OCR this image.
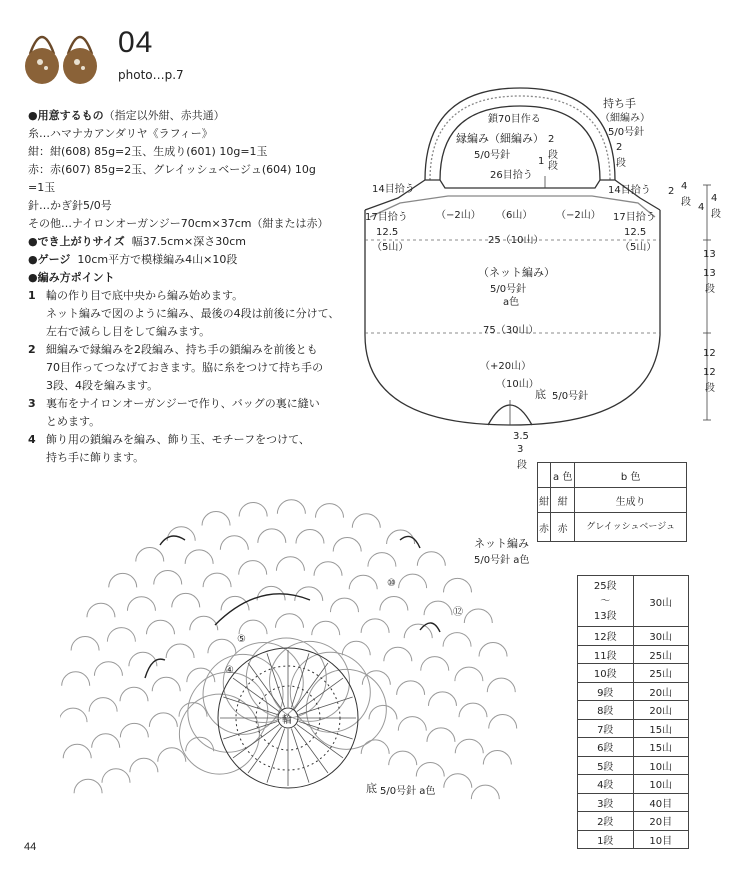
04
photo…p.7
●用意するもの（指定以外紺、赤共通）
糸…ハマナカアンダリヤ《ラフィー》
紺：紺(608) 85g=2玉、生成り(601) 10g=1玉
赤：赤(607) 85g=2玉、グレイッシュベージュ(604) 10g
=1玉
針…かぎ針5/0号
その他…ナイロンオーガンジー70cm×37cm（紺または赤）
●でき上がりサイズ 幅37.5cm×深さ30cm
●ゲージ 10cm平方で模様編み4山×10段
●編み方ポイント
1 輪の作り目で底中央から編み始めます。
ネット編みで図のように編み、最後の4段は前後に分けて、
左右で減らし目をして編みます。
2 細編みで縁編みを2段編み、持ち手の鎖編みを前後とも
70目作ってつなげておきます。脇に糸をつけて持ち手の
3段、4段を編みます。
3 裏布をナイロンオーガンジーで作り、バッグの裏に縫い
とめます。
4 飾り用の鎖編みを編み、飾り玉、モチーフをつけて、
持ち手に飾ります。
持ち手
（細編み）
5/0号針
2
段
鎖70目作る
縁編み（細編み）
5/0号針
2
段
1 段
26目拾う
14目拾う	14目拾う
17目拾う	17目拾う
（−2山） （6山） （−2山）
12.5
（5山）
25（10山）
12.5
（5山）
（ネット編み）
5/0号針
a色
75（30山）
（+20山）
（10山）
底 5/0号針
3.5
3
段
2 4
段 4
4
段
13
13
段
12
12
段
輪
④
⑤
⑩
⑫
ネット編み
5/0号針 a色
底 5/0号針 a色
	a 色	b 色
紺	紺	生成り
赤	赤	グレイッシュベージュ
25段
〜
13段	30山
12段	30山
11段	25山
10段	25山
9段	20山
8段	20山
7段	15山
6段	15山
5段	10山
4段	10山
3段	40目
2段	20目
1段	10目
44
